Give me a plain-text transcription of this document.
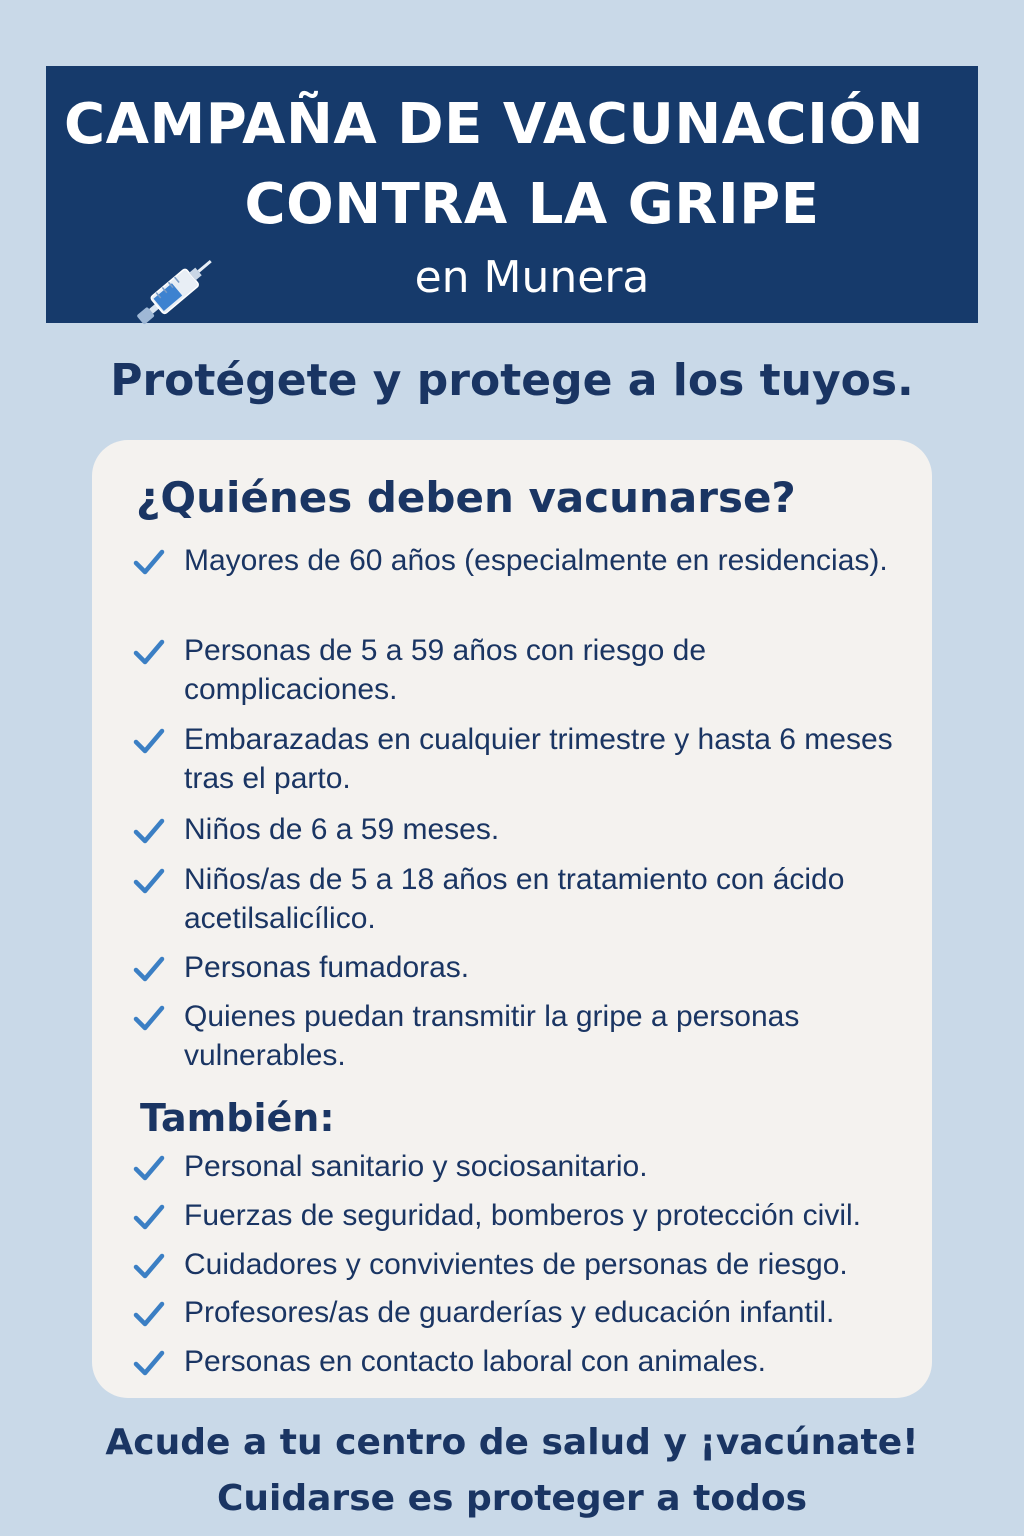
CAMPAÑA DE VACUNACIÓN
CONTRA LA GRIPE
en Munera
Protégete y protege a los tuyos.
¿Quiénes deben vacunarse?
Mayores de 60 años (especialmente en residencias).
Personas de 5 a 59 años con riesgo de complicaciones.
Embarazadas en cualquier trimestre y hasta 6 meses tras el parto.
Niños de 6 a 59 meses.
Niños/as de 5 a 18 años en tratamiento con ácido acetilsalicílico.
Personas fumadoras.
Quienes puedan transmitir la gripe a personas vulnerables.
También:
Personal sanitario y sociosanitario.
Fuerzas de seguridad, bomberos y protección civil.
Cuidadores y convivientes de personas de riesgo.
Profesores/as de guarderías y educación infantil.
Personas en contacto laboral con animales.
Acude a tu centro de salud y ¡vacúnate!
Cuidarse es proteger a todos
